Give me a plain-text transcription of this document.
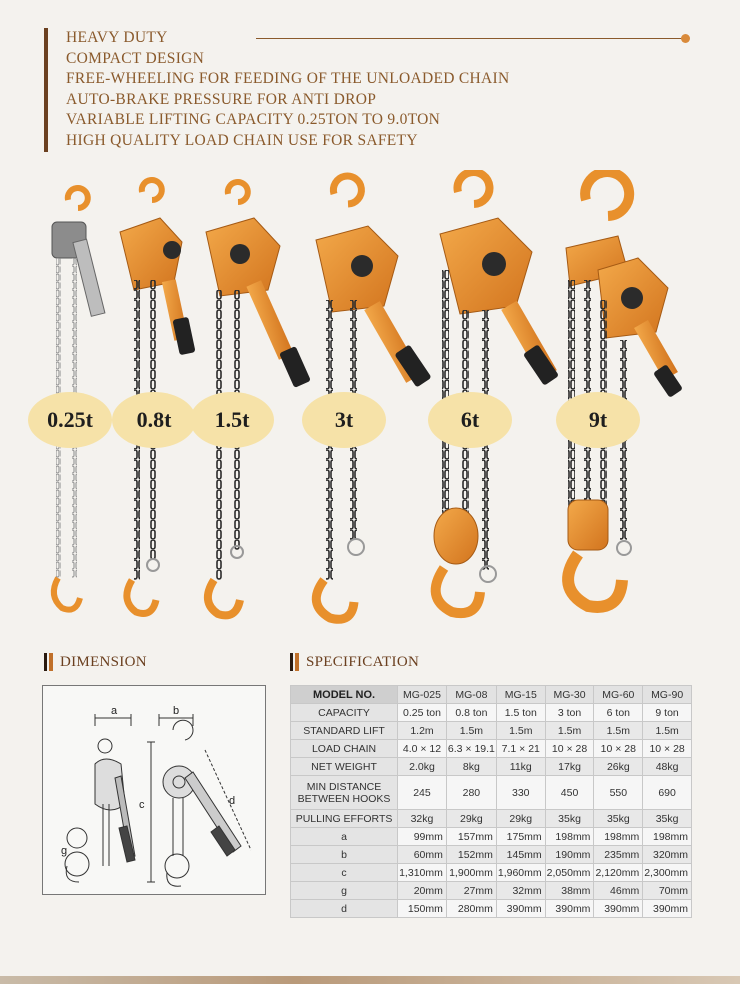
HEAVY DUTY
COMPACT DESIGN
FREE-WHEELING FOR FEEDING OF THE UNLOADED CHAIN
AUTO-BRAKE PRESSURE FOR ANTI DROP
VARIABLE LIFTING CAPACITY 0.25TON TO 9.0TON
HIGH QUALITY LOAD CHAIN USE FOR SAFETY
0.25t 0.8t 1.5t	3t	6t	9t
DIMENSION
a	b
c	d
g
SPECIFICATION
MODEL NO.	MG-025	MG-08	MG-15	MG-30	MG-60	MG-90
CAPACITY	0.25 ton	0.8 ton	1.5 ton	3 ton	6 ton	9 ton
STANDARD LIFT	1.2m	1.5m	1.5m	1.5m	1.5m	1.5m
LOAD CHAIN	4.0 × 12	6.3 × 19.1	7.1 × 21	10 × 28	10 × 28	10 × 28
NET WEIGHT	2.0kg	8kg	11kg	17kg	26kg	48kg

MIN DISTANCE
BETWEEN HOOKS	245	280	330	450	550	690
PULLING EFFORTS	32kg	29kg	29kg	35kg	35kg	35kg
a	99mm	157mm	175mm	198mm	198mm	198mm
b	60mm	152mm	145mm	190mm	235mm	320mm
c	1,310mm	1,900mm	1,960mm	2,050mm	2,120mm	2,300mm
g	20mm	27mm	32mm	38mm	46mm	70mm
d	150mm	280mm	390mm	390mm	390mm	390mm
